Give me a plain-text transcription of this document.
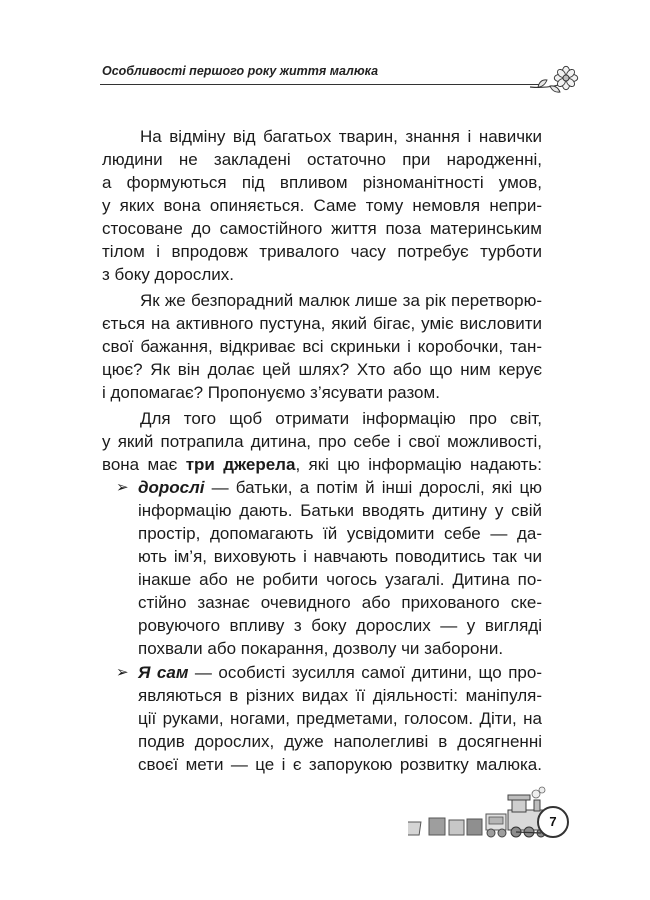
Особливості першого року життя малюка
На відміну від багатьох тварин, знання і навички
людини не закладені остаточно при народженні,
а формуються під впливом різноманітності умов,
у яких вона опиняється. Саме тому немовля непри-
стосоване до самостійного життя поза материнським
тілом і впродовж тривалого часу потребує турботи
з боку дорослих.
Як же безпорадний малюк лише за рік перетворю-
ється на активного пустуна, який бігає, уміє висловити
свої бажання, відкриває всі скриньки і коробочки, тан-
цює? Як він долає цей шлях? Хто або що ним керує
і допомагає? Пропонуємо з’ясувати разом.
Для того щоб отримати інформацію про світ,
у який потрапила дитина, про себе і свої можливості,
вона має три джерела, які цю інформацію надають:
➢ дорослі — батьки, а потім й інші дорослі, які цю
інформацію дають. Батьки вводять дитину у свій
простір, допомагають їй усвідомити себе — да-
ють ім’я, виховують і навчають поводитись так чи
інакше або не робити чогось узагалі. Дитина по-
стійно зазнає очевидного або прихованого ске-
ровуючого впливу з боку дорослих — у вигляді
похвали або покарання, дозволу чи заборони.
➢ Я сам — особисті зусилля самої дитини, що про-
являються в різних видах її діяльності: маніпуля-
ції руками, ногами, предметами, голосом. Діти, на
подив дорослих, дуже наполегливі в досягненні
своєї мети — це і є запорукою розвитку малюка.
7
